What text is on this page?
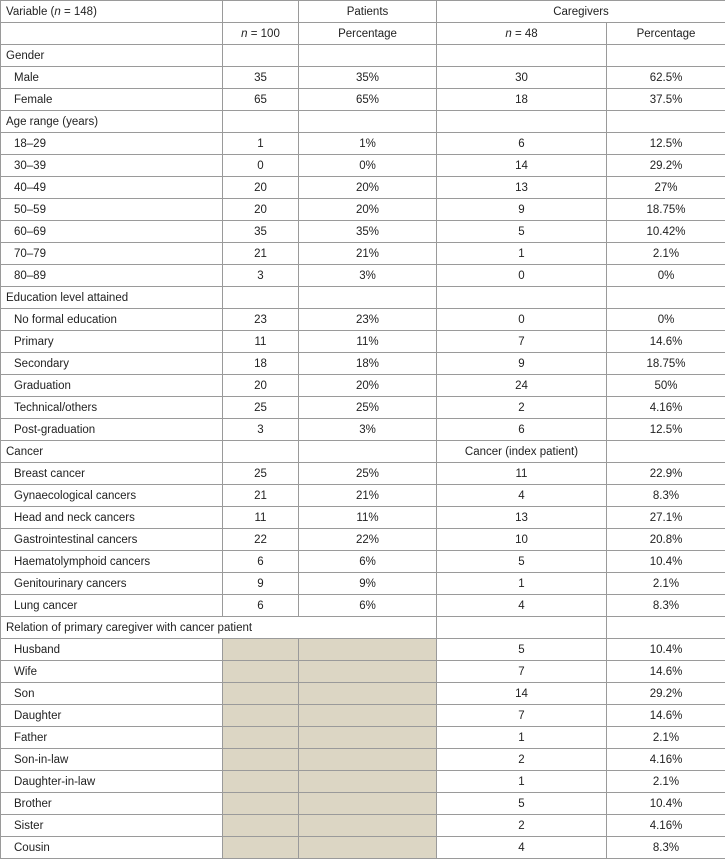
Variable (n = 148)		Patients	Caregivers	
	n = 100	Percentage	n = 48	Percentage
Gender				
Male	35	35%	30	62.5%
Female	65	65%	18	37.5%
Age range (years)				
18–29	1	1%	6	12.5%
30–39	0	0%	14	29.2%
40–49	20	20%	13	27%
50–59	20	20%	9	18.75%
60–69	35	35%	5	10.42%
70–79	21	21%	1	2.1%
80–89	3	3%	0	0%
Education level attained				
No formal education	23	23%	0	0%
Primary	11	11%	7	14.6%
Secondary	18	18%	9	18.75%
Graduation	20	20%	24	50%
Technical/others	25	25%	2	4.16%
Post-graduation	3	3%	6	12.5%
Cancer			Cancer (index patient)	
Breast cancer	25	25%	11	22.9%
Gynaecological cancers	21	21%	4	8.3%
Head and neck cancers	11	11%	13	27.1%
Gastrointestinal cancers	22	22%	10	20.8%
Haematolymphoid cancers	6	6%	5	10.4%
Genitourinary cancers	9	9%	1	2.1%
Lung cancer	6	6%	4	8.3%
Relation of primary caregiver with cancer patient				
Husband			5	10.4%
Wife			7	14.6%
Son			14	29.2%
Daughter			7	14.6%
Father			1	2.1%
Son-in-law			2	4.16%
Daughter-in-law			1	2.1%
Brother			5	10.4%
Sister			2	4.16%
Cousin			4	8.3%
